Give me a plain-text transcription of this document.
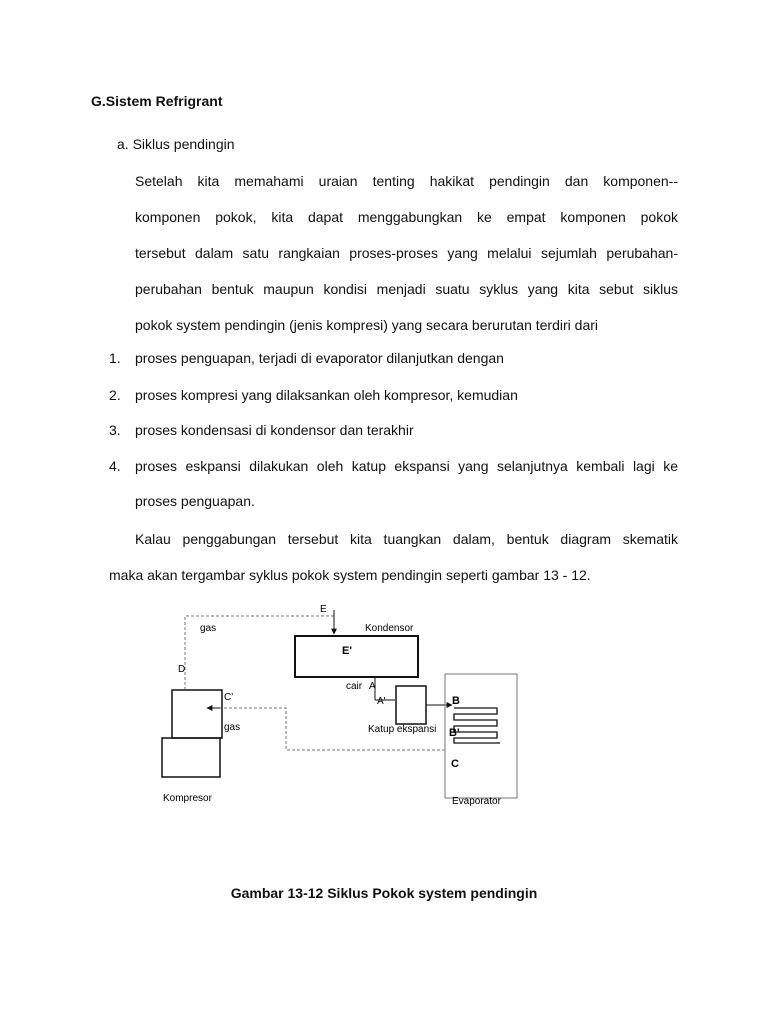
G.Sistem Refrigrant
a. Siklus pendingin
Setelah kita memahami uraian tenting hakikat pendingin dan komponen--
komponen pokok, kita dapat menggabungkan ke empat komponen pokok
tersebut dalam satu rangkaian proses-proses yang melalui sejumlah perubahan-
perubahan bentuk maupun kondisi menjadi suatu syklus yang kita sebut siklus
pokok system pendingin (jenis kompresi) yang secara berurutan terdiri dari
1. proses penguapan, terjadi di evaporator dilanjutkan dengan
2. proses kompresi yang dilaksankan oleh kompresor, kemudian
3. proses kondensasi di kondensor dan terakhir
4. proses eskpansi dilakukan oleh katup ekspansi yang selanjutnya kembali lagi ke
proses penguapan.
Kalau penggabungan tersebut kita tuangkan dalam, bentuk diagram skematik
maka akan tergambar syklus pokok system pendingin seperti gambar 13 - 12.
E
gas	Kondensor
E'
D
cair A
A'
C'
gas	Katup ekspansi
B
B'
C
Kompresor	Evaporator
Gambar 13-12 Siklus Pokok system pendingin
